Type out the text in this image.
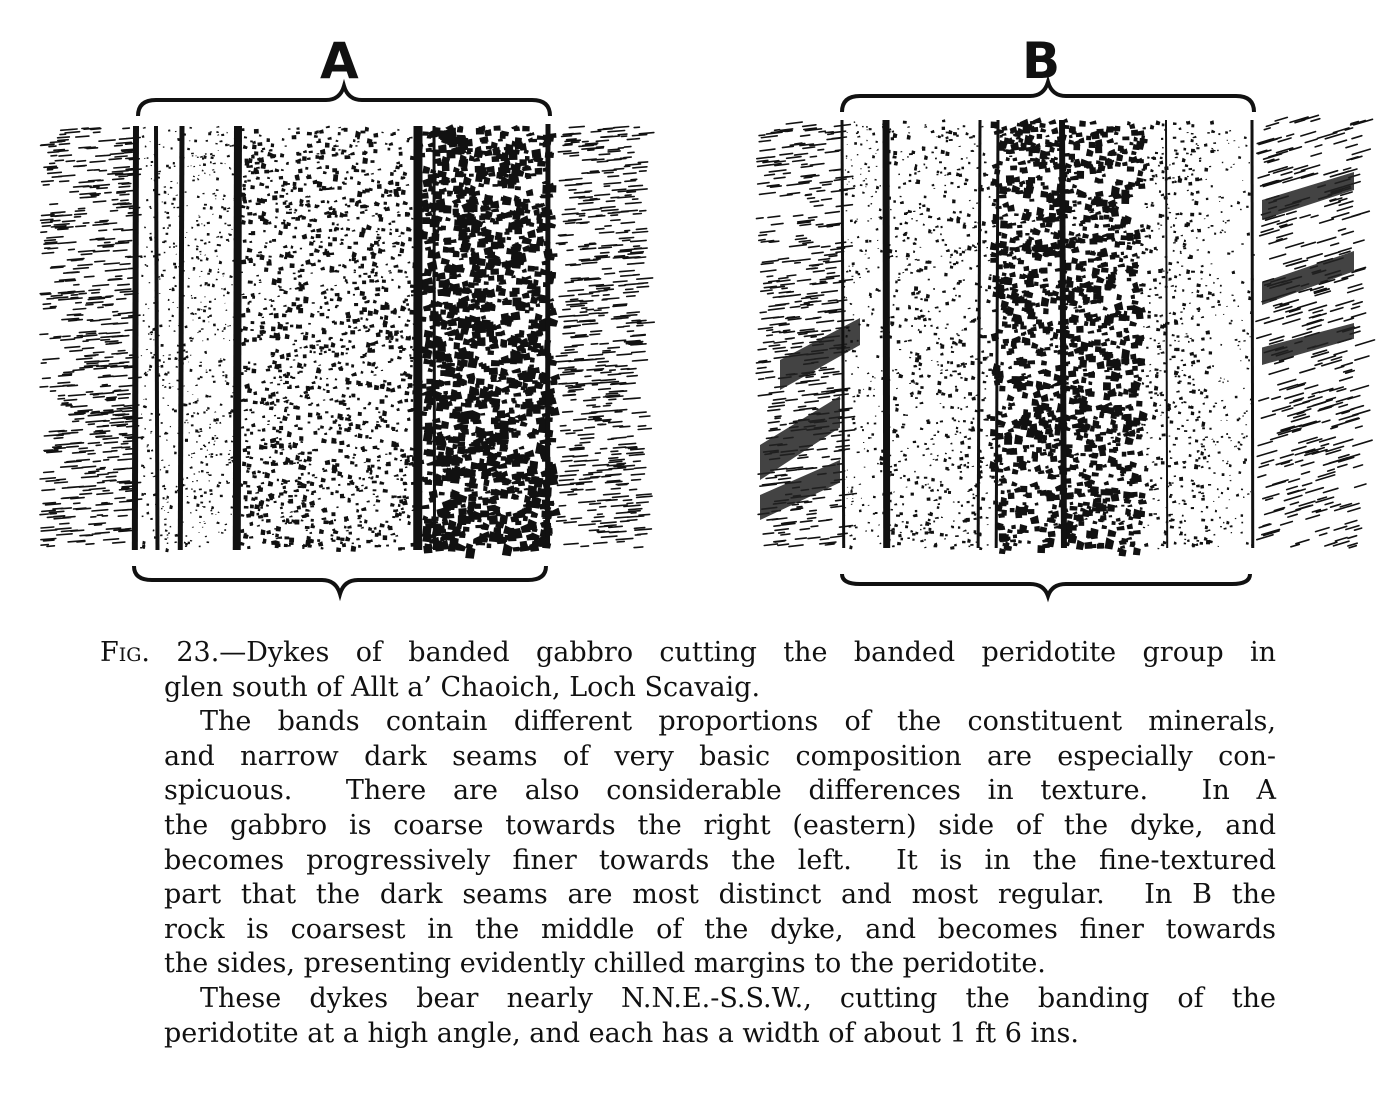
A	B
Fig. 23.—Dykes of banded gabbro cutting the banded peridotite group in
glen south of Allt a’ Chaoich, Loch Scavaig.
The bands contain different proportions of the constituent minerals,
and narrow dark seams of very basic composition are especially con-
spicuous.  There are also considerable differences in texture.  In A
the gabbro is coarse towards the right (eastern) side of the dyke, and
becomes progressively finer towards the left.  It is in the fine-textured
part that the dark seams are most distinct and most regular.  In B the
rock is coarsest in the middle of the dyke, and becomes finer towards
the sides, presenting evidently chilled margins to the peridotite.
These dykes bear nearly N.N.E.-S.S.W., cutting the banding of the
peridotite at a high angle, and each has a width of about 1 ft 6 ins.
